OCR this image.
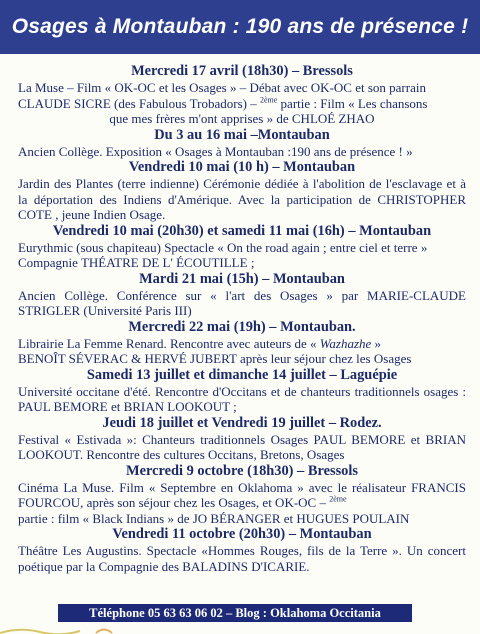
Osages à Montauban : 190 ans de présence !
Mercredi 17 avril (18h30) – Bressols
La Muse – Film « OK-OC et les Osages » – Débat avec OK-OC et son parrain
CLAUDE SICRE (des Fabulous Trobadors) – $^{2ème}$ partie : Film « Les chansons

que mes frères m'ont apprises » de CHLOÉ ZHAO
Du 3 au 16 mai –Montauban
Ancien Collège. Exposition « Osages à Montauban :190 ans de présence ! »
Vendredi 10 mai (10 h) – Montauban
Jardin des Plantes (terre indienne) Cérémonie dédiée à l'abolition de l'esclavage et à la déportation des Indiens d'Amérique. Avec la participation de CHRISTOPHER COTE , jeune Indien Osage.
Vendredi 10 mai (20h30) et samedi 11 mai (16h) – Montauban
Eurythmic (sous chapiteau) Spectacle « On the road again ; entre ciel et terre »
Compagnie THÉATRE DE L' ÉCOUTILLE ;
Mardi 21 mai (15h) – Montauban
Ancien Collège. Conférence sur « l'art des Osages » par MARIE-CLAUDE STRIGLER (Université Paris III)
Mercredi 22 mai (19h) – Montauban.
Librairie La Femme Renard. Rencontre avec auteurs de « Wazhazhe »
BENOÎT SÉVERAC & HERVÉ JUBERT après leur séjour chez les Osages
Samedi 13 juillet et dimanche 14 juillet – Laguépie
Université occitane d'été. Rencontre d'Occitans et de chanteurs traditionnels osages : PAUL BEMORE et BRIAN LOOKOUT ;
Jeudi 18 juillet et Vendredi 19 juillet – Rodez.
Festival « Estivada »: Chanteurs traditionnels Osages PAUL BEMORE et BRIAN LOOKOUT. Rencontre des cultures Occitans, Bretons, Osages
Mercredi 9 octobre (18h30) – Bressols
Cinéma La Muse. Film « Septembre en Oklahoma » avec le réalisateur FRANCIS FOURCOU, après son séjour chez les Osages, et OK-OC – $^{2ème}$
partie : film « Black Indians » de JO BÉRANGER et HUGUES POULAIN
Vendredi 11 octobre (20h30) – Montauban
Théâtre Les Augustins. Spectacle «Hommes Rouges, fils de la Terre ». Un concert poétique par la Compagnie des BALADINS D'ICARIE.
Téléphone 05 63 63 06 02 – Blog : Oklahoma Occitania
